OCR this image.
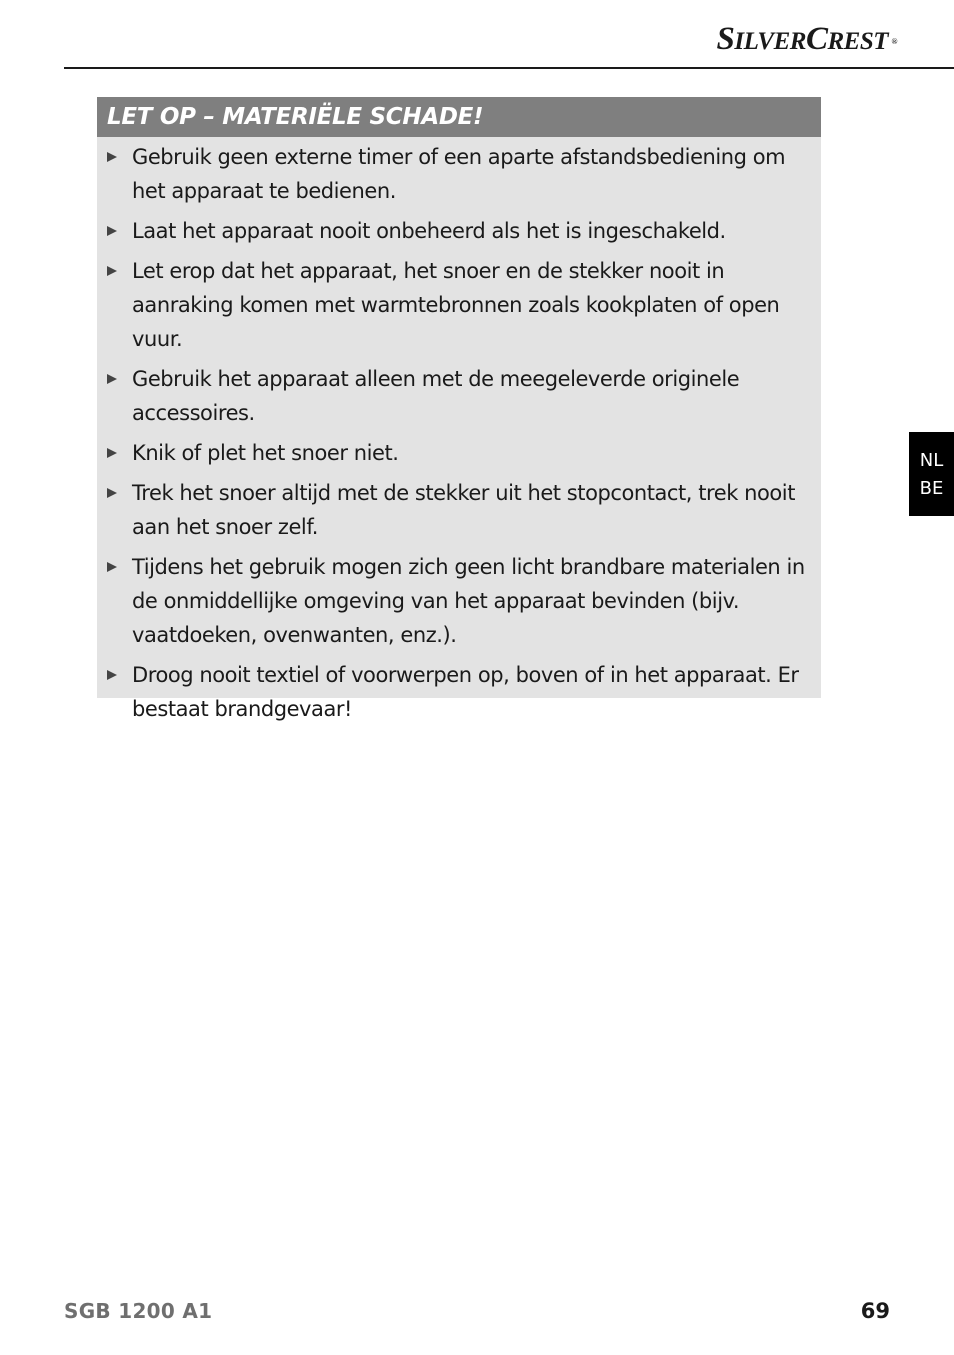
SILVERCREST ®
LET OP – MATERIËLE SCHADE!
Gebruik geen externe timer of een aparte afstandsbediening om het apparaat te bedienen.
Laat het apparaat nooit onbeheerd als het is ingeschakeld.
Let erop dat het apparaat, het snoer en de stekker nooit in aanraking komen met warmtebronnen zoals kookplaten of open vuur.
Gebruik het apparaat alleen met de meegeleverde originele accessoires.
Knik of plet het snoer niet.
Trek het snoer altijd met de stekker uit het stopcontact, trek nooit aan het snoer zelf.
Tijdens het gebruik mogen zich geen licht brandbare materialen in de onmiddellijke omgeving van het apparaat bevinden (bijv. vaatdoeken, ovenwanten, enz.).
Droog nooit textiel of voorwerpen op, boven of in het apparaat. Er bestaat brandgevaar!
NL
BE
SGB 1200 A1	69
